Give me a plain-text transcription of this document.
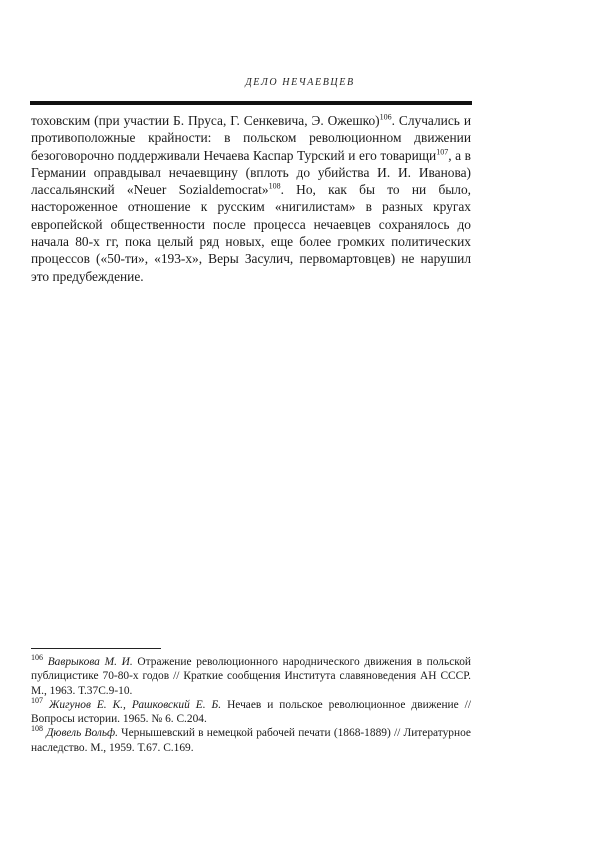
ДЕЛО НЕЧАЕВЦЕВ

тоховским (при участии Б. Пруса, Г. Сенкевича, Э. Ожешко)$^{106}$. Случались и противоположные крайности: в польском революционном движении безоговорочно поддерживали Нечаева Каспар Турский и его товарищи$^{107}$, а в Германии оправдывал нечаевщину (вплоть до убийства И. И. Иванова) лассальянский «Neuer Sozialdemocrat»$^{108}$. Но, как бы то ни было, настороженное отношение к русским «нигилистам» в разных кругах европейской общественности после процесса нечаевцев сохранялось до начала 80-х гг, пока целый ряд новых, еще более громких политических процессов («50-ти», «193-х», Веры Засулич, первомартовцев) не нарушил это предубеждение.

$^{106}$ Ваврыкова М. И. Отражение революционного народнического движения в польской публицистике 70-80-х годов // Краткие сообщения Института славяноведения АН СССР. М., 1963. Т.37С.9-10.

$^{107}$ Жигунов Е. К., Рашковский Е. Б. Нечаев и польское революционное движение // Вопросы истории. 1965. № 6. С.204.

$^{108}$ Дювель Вольф. Чернышевский в немецкой рабочей печати (1868-1889) // Литературное наследство. М., 1959. Т.67. С.169.
